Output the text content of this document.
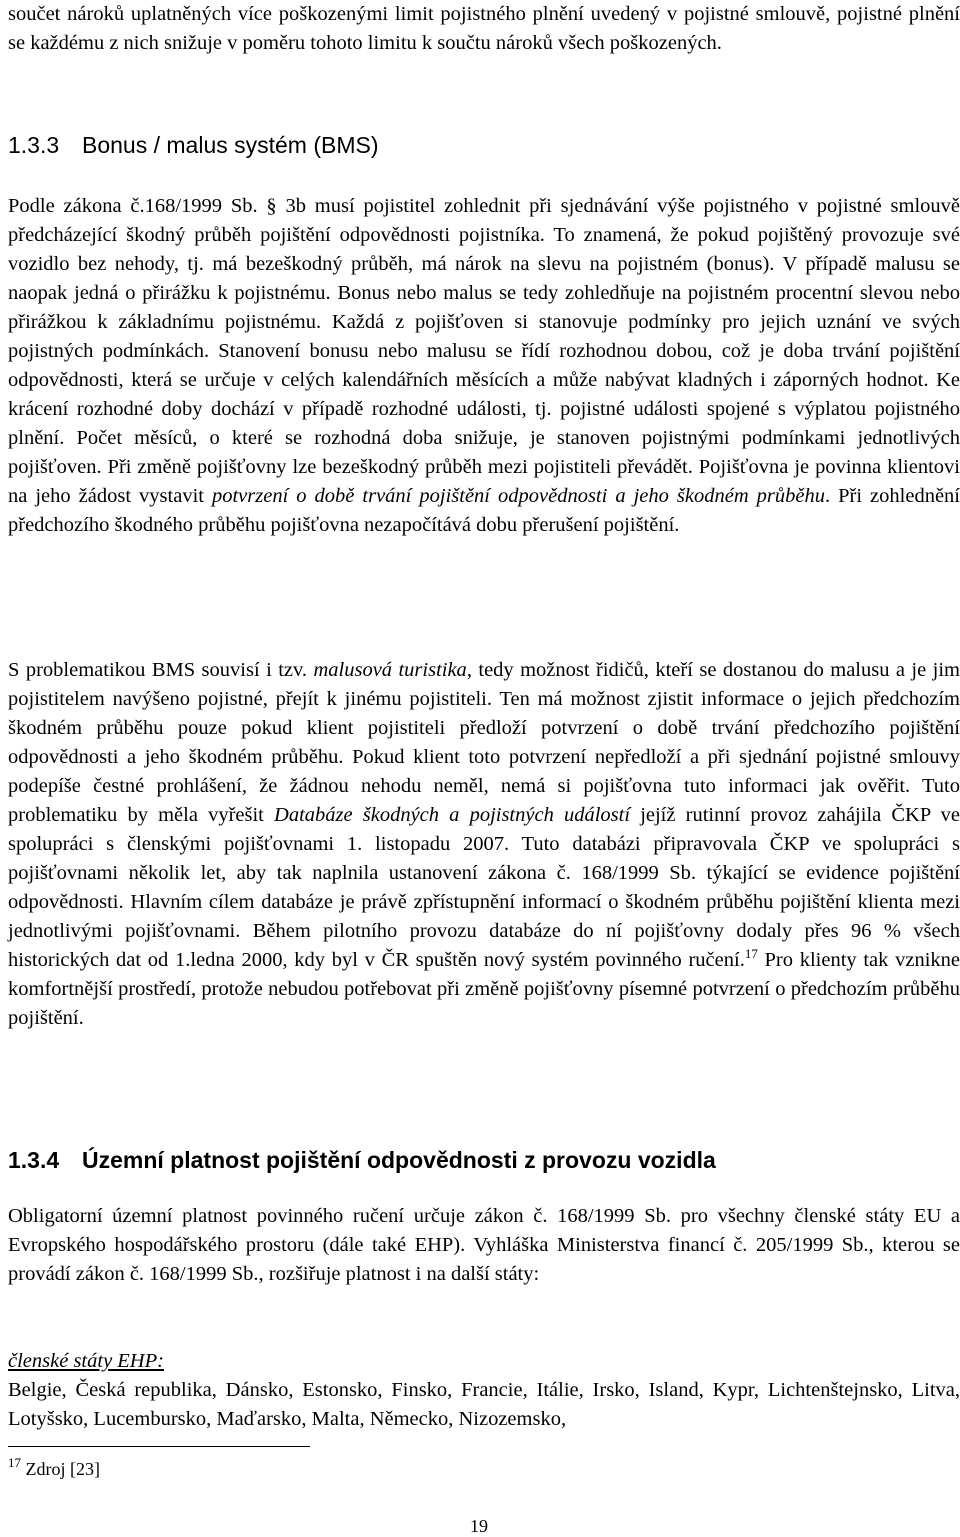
součet nároků uplatněných více poškozenými limit pojistného plnění uvedený v pojistné smlouvě, pojistné plnění se každému z nich snižuje v poměru tohoto limitu k součtu nároků všech poškozených.

1.3.3 Bonus / malus systém (BMS)

Podle zákona č.168/1999 Sb. § 3b musí pojistitel zohlednit při sjednávání výše pojistného v pojistné smlouvě předcházející škodný průběh pojištění odpovědnosti pojistníka. To znamená, že pokud pojištěný provozuje své vozidlo bez nehody, tj. má bezeškodný průběh, má nárok na slevu na pojistném (bonus). V případě malusu se naopak jedná o přirážku k pojistnému. Bonus nebo malus se tedy zohledňuje na pojistném procentní slevou nebo přirážkou k základnímu pojistnému. Každá z pojišťoven si stanovuje podmínky pro jejich uznání ve svých pojistných podmínkách. Stanovení bonusu nebo malusu se řídí rozhodnou dobou, což je doba trvání pojištění odpovědnosti, která se určuje v celých kalendářních měsících a může nabývat kladných i záporných hodnot. Ke krácení rozhodné doby dochází v případě rozhodné události, tj. pojistné události spojené s výplatou pojistného plnění. Počet měsíců, o které se rozhodná doba snižuje, je stanoven pojistnými podmínkami jednotlivých pojišťoven. Při změně pojišťovny lze bezeškodný průběh mezi pojistiteli převádět. Pojišťovna je povinna klientovi na jeho žádost vystavit potvrzení o době trvání pojištění odpovědnosti a jeho škodném průběhu. Při zohlednění předchozího škodného průběhu pojišťovna nezapočítává dobu přerušení pojištění.

S problematikou BMS souvisí i tzv. malusová turistika, tedy možnost řidičů, kteří se dostanou do malusu a je jim pojistitelem navýšeno pojistné, přejít k jinému pojistiteli. Ten má možnost zjistit informace o jejich předchozím škodném průběhu pouze pokud klient pojistiteli předloží potvrzení o době trvání předchozího pojištění odpovědnosti a jeho škodném průběhu. Pokud klient toto potvrzení nepředloží a při sjednání pojistné smlouvy podepíše čestné prohlášení, že žádnou nehodu neměl, nemá si pojišťovna tuto informaci jak ověřit. Tuto problematiku by měla vyřešit Databáze škodných a pojistných událostí jejíž rutinní provoz zahájila ČKP ve spolupráci s členskými pojišťovnami 1. listopadu 2007. Tuto databázi připravovala ČKP ve spolupráci s pojišťovnami několik let, aby tak naplnila ustanovení zákona č. 168/1999 Sb. týkající se evidence pojištění odpovědnosti. Hlavním cílem databáze je právě zpřístupnění informací o škodném průběhu pojištění klienta mezi jednotlivými pojišťovnami. Během pilotního provozu databáze do ní pojišťovny dodaly přes 96 % všech historických dat od 1.ledna 2000, kdy byl v ČR spuštěn nový systém povinného ručení.$^{17}$ Pro klienty tak vznikne komfortnější prostředí, protože nebudou potřebovat při změně pojišťovny písemné potvrzení o předchozím průběhu pojištění.

1.3.4 Územní platnost pojištění odpovědnosti z provozu vozidla

Obligatorní územní platnost povinného ručení určuje zákon č. 168/1999 Sb. pro všechny členské státy EU a Evropského hospodářského prostoru (dále také EHP). Vyhláška Ministerstva financí č. 205/1999 Sb., kterou se provádí zákon č. 168/1999 Sb., rozšiřuje platnost i na další státy:

členské státy EHP:

Belgie, Česká republika, Dánsko, Estonsko, Finsko, Francie, Itálie, Irsko, Island, Kypr, Lichtenštejnsko, Litva, Lotyšsko, Lucembursko, Maďarsko, Malta, Německo, Nizozemsko,

$^{17}$ Zdroj [23]

19
